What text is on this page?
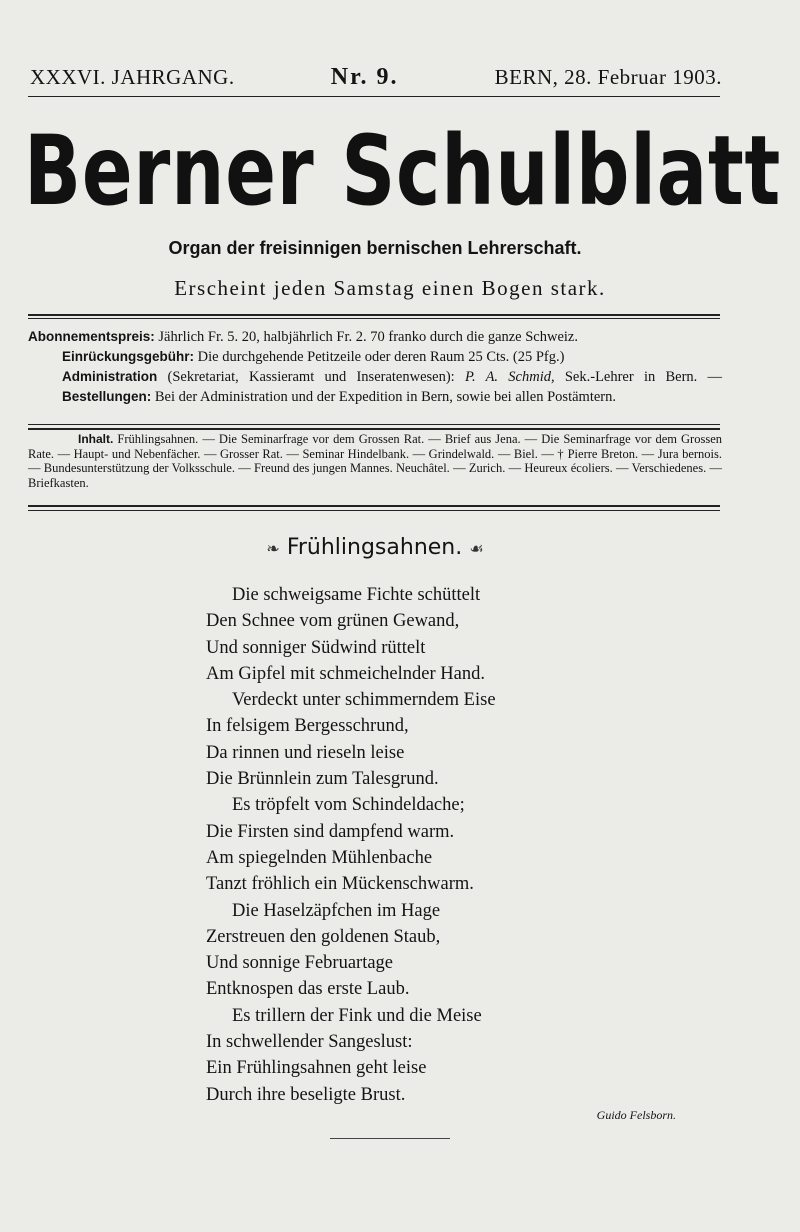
XXXVI. JAHRGANG.	Nr. 9.	BERN, 28. Februar 1903.
Berner Schulblatt
Organ der freisinnigen bernischen Lehrerschaft.
Erscheint jeden Samstag einen Bogen stark.

Abonnementspreis: Jährlich Fr. 5. 20, halbjährlich Fr. 2. 70 franko durch die ganze Schweiz.

Einrückungsgebühr: Die durchgehende Petitzeile oder deren Raum 25 Cts. (25 Pfg.)

Administration (Sekretariat, Kassieramt und Inseratenwesen): P. A. Schmid, Sek.-Lehrer in Bern. — Bestellungen: Bei der Administration und der Expedition in Bern, sowie bei allen Postämtern.

Inhalt. Frühlingsahnen. — Die Seminarfrage vor dem Grossen Rat. — Brief aus Jena. — Die Seminarfrage vor dem Grossen Rate. — Haupt- und Nebenfächer. — Grosser Rat. — Seminar Hindelbank. — Grindelwald. — Biel. — † Pierre Breton. — Jura bernois. — Bundesunterstützung der Volksschule. — Freund des jungen Mannes. Neuchâtel. — Zurich. — Heureux écoliers. — Verschiedenes. — Briefkasten.
❧ Frühlingsahnen. ☙
Die schweigsame Fichte schüttelt
Den Schnee vom grünen Gewand,
Und sonniger Südwind rüttelt
Am Gipfel mit schmeichelnder Hand.
Verdeckt unter schimmerndem Eise
In felsigem Bergesschrund,
Da rinnen und rieseln leise
Die Brünnlein zum Talesgrund.
Es tröpfelt vom Schindeldache;
Die Firsten sind dampfend warm.
Am spiegelnden Mühlenbache
Tanzt fröhlich ein Mückenschwarm.
Die Haselzäpfchen im Hage
Zerstreuen den goldenen Staub,
Und sonnige Februartage
Entknospen das erste Laub.
Es trillern der Fink und die Meise
In schwellender Sangeslust:
Ein Frühlingsahnen geht leise
Durch ihre beseligte Brust.
Guido Felsborn.
